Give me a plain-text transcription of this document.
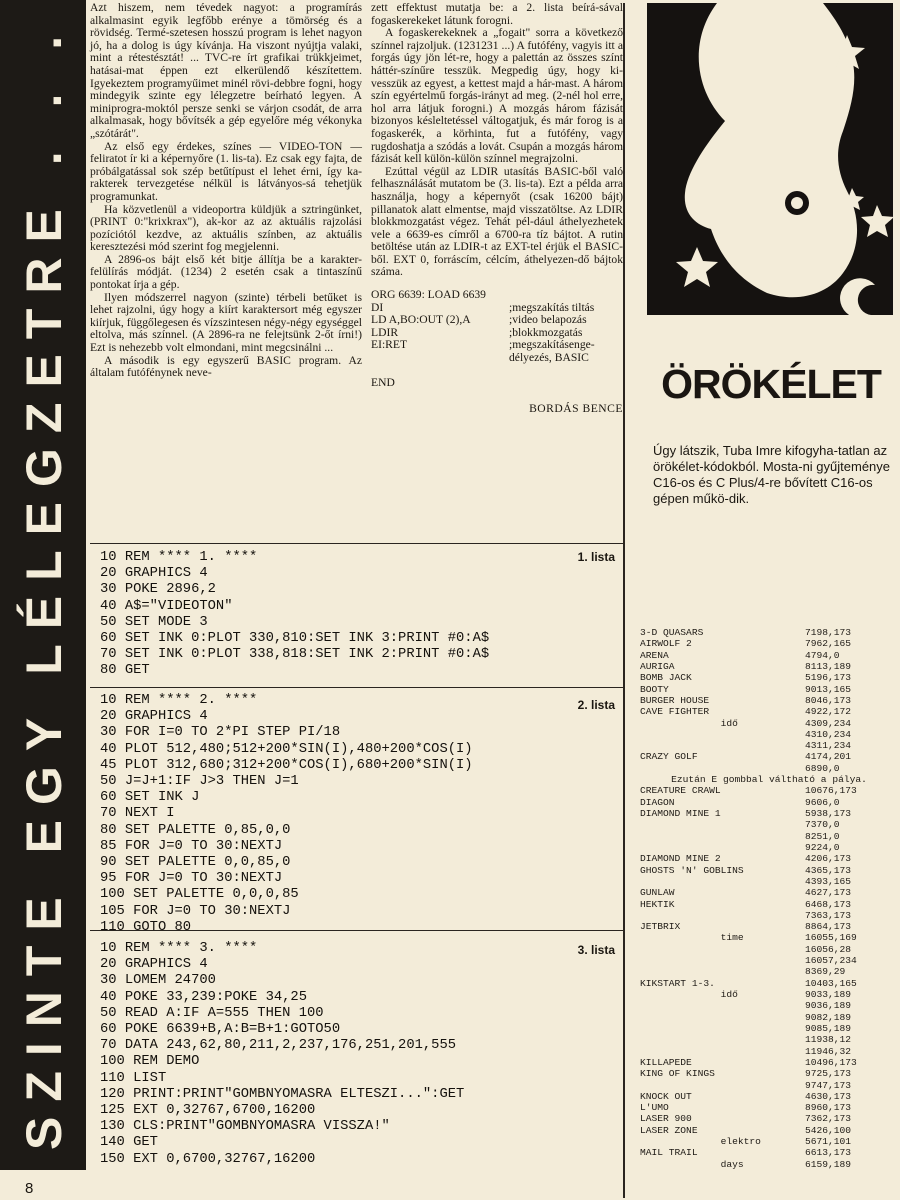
SZINTE EGY LÉLEGZETRE . . .

Azt hiszem, nem tévedek nagyot: a programírás alkalmasint egyik legfőbb erénye a tömörség és a rövidség. Termé-szetesen hosszú program is lehet nagyon jó, ha a dolog is úgy kívánja. Ha viszont nyújtja valaki, mint a rétestésztát! ... TVC-re írt grafikai trükkjeimet, hatásai-mat éppen ezt elkerülendő készítettem. Igyekeztem programyűimet minél rövi-debbre fogni, hogy mindegyik szinte egy lélegzetre beírható legyen. A miniprogra-moktól persze senki se várjon csodát, de arra alkalmasak, hogy bővítsék a gép egyelőre még vékonyka „szótárát".

Az első egy érdekes, színes — VIDEO-TON — feliratot ír ki a képernyőre (1. lis-ta). Ez csak egy fajta, de próbálgatással sok szép betűtípust el lehet érni, így ka-rakterek tervezgetése nélkül is látványos-sá tehetjük programunkat.

Ha közvetlenül a videoportra küldjük a sztringünket, (PRINT 0:"krixkrax"), ak-kor az az aktuális rajzolási pozíciótól kezdve, az aktuális színben, az aktuális keresztezési mód szerint fog megjelenni.

A 2896-os bájt első két bitje állítja be a karakter-felülírás módját. (1234) 2 esetén csak a tintaszínű pontokat írja a gép.

Ilyen módszerrel nagyon (szinte) térbeli betűket is lehet rajzolni, úgy hogy a kiírt karaktersort még egyszer kiírjuk, függőlegesen és vízszintesen négy-négy egységgel eltolva, más színnel. (A 2896-ra ne felejtsünk 2-őt írni!) Ezt is nehezebb volt elmondani, mint megcsinálni ...

A második is egy egyszerű BASIC program. Az általam futófénynek neve-

zett effektust mutatja be: a 2. lista beírá-sával fogaskerekeket látunk forogni.

A fogaskerekeknek a „fogait" sorra a következő színnel rajzoljuk. (1231231 ...) A futófény, vagyis itt a forgás úgy jön lét-re, hogy a palettán az összes színt háttér-színűre tesszük. Megpedig úgy, hogy ki-vesszük az egyest, a kettest majd a hár-mast. A három szín egyértelmű forgás-irányt ad meg. (2-nél hol erre, hol arra látjuk forogni.) A mozgás három fázisát bizonyos késleltetéssel váltogatjuk, és már forog is a fogaskerék, a körhinta, fut a futófény, vagy rugdoshatja a szódás a lovát. Csupán a mozgás három fázisát kell külön-külön színnel megrajzolni.

Ezúttal végül az LDIR utasítás BASIC-ből való felhasználását mutatom be (3. lis-ta). Ezt a példa arra használja, hogy a képernyőt (csak 16200 bájt) pillanatok alatt elmentse, majd visszatöltse. Az LDIR blokkmozgatást végez. Tehát pél-dául áthelyezhetek vele a 6639-es címről a 6700-ra tíz bájtot. A rutin betöltése után az LDIR-t az EXT-tel érjük el BASIC-ből. EXT 0, forráscím, célcím, áthelyezen-dő bájtok száma.

ORG 6639: LOAD 6639
DI	;megszakítás tiltás
LD A,BO:OUT (2),A	;video belapozás
LDIR	;blokkmozgatás
EI:RET	;megszakításenge-
délyezés, BASIC
END
BORDÁS BENCE
1. lista
10 REM **** 1. ****
20 GRAPHICS 4
30 POKE 2896,2
40 A$="VIDEOTON"
50 SET MODE 3
60 SET INK 0:PLOT 330,810:SET INK 3:PRINT #0:A$
70 SET INK 0:PLOT 338,818:SET INK 2:PRINT #0:A$
80 GET
2. lista
10 REM **** 2. ****
20 GRAPHICS 4
30 FOR I=0 TO 2*PI STEP PI/18
40 PLOT 512,480;512+200*SIN(I),480+200*COS(I)
45 PLOT 312,680;312+200*COS(I),680+200*SIN(I)
50 J=J+1:IF J>3 THEN J=1
60 SET INK J
70 NEXT I
80 SET PALETTE 0,85,0,0
85 FOR J=0 TO 30:NEXTJ
90 SET PALETTE 0,0,85,0
95 FOR J=0 TO 30:NEXTJ
100 SET PALETTE 0,0,0,85
105 FOR J=0 TO 30:NEXTJ
110 GOTO 80
3. lista
10 REM **** 3. ****
20 GRAPHICS 4
30 LOMEM 24700
40 POKE 33,239:POKE 34,25
50 READ A:IF A=555 THEN 100
60 POKE 6639+B,A:B=B+1:GOTO50
70 DATA 243,62,80,211,2,237,176,251,201,555
100 REM DEMO
110 LIST
120 PRINT:PRINT"GOMBNYOMASRA ELTESZI...":GET
125 EXT 0,32767,6700,16200
130 CLS:PRINT"GOMBNYOMASRA VISSZA!"
140 GET
150 EXT 0,6700,32767,16200
ÖRÖKÉLET
Úgy látszik, Tuba Imre kifogyha-tatlan az örökélet-kódokból. Mosta-ni gyűjteménye C16-os és C Plus/4-re bővített C16-os gépen műkö-dik.
3-D QUASARS	7198,173
AIRWOLF 2	7962,165
ARENA	4794,0
AURIGA	8113,189
BOMB JACK	5196,173
BOOTY	9013,165
BURGER HOUSE	8046,173
CAVE FIGHTER	4922,172
idő	4309,234
4310,234
4311,234
CRAZY GOLF	4174,201
6890,0
Ezután E gombbal váltható a pálya.
CREATURE CRAWL	10676,173
DIAGON	9606,0
DIAMOND MINE 1	5938,173
7370,0
8251,0
9224,0
DIAMOND MINE 2	4206,173
GHOSTS 'N' GOBLINS	4365,173
4393,165
GUNLAW	4627,173
HEKTIK	6468,173
7363,173
JETBRIX	8864,173
time	16055,169
16056,28
16057,234
8369,29
KIKSTART 1-3.	10403,165
idő	9033,189
9036,189
9082,189
9085,189
11938,12
11946,32
KILLAPEDE	10496,173
KING OF KINGS	9725,173
9747,173
KNOCK OUT	4630,173
L'UMO	8960,173
LASER 900	7362,173
LASER ZONE	5426,100
elektro	5671,101
MAIL TRAIL	6613,173
days	6159,189
8
